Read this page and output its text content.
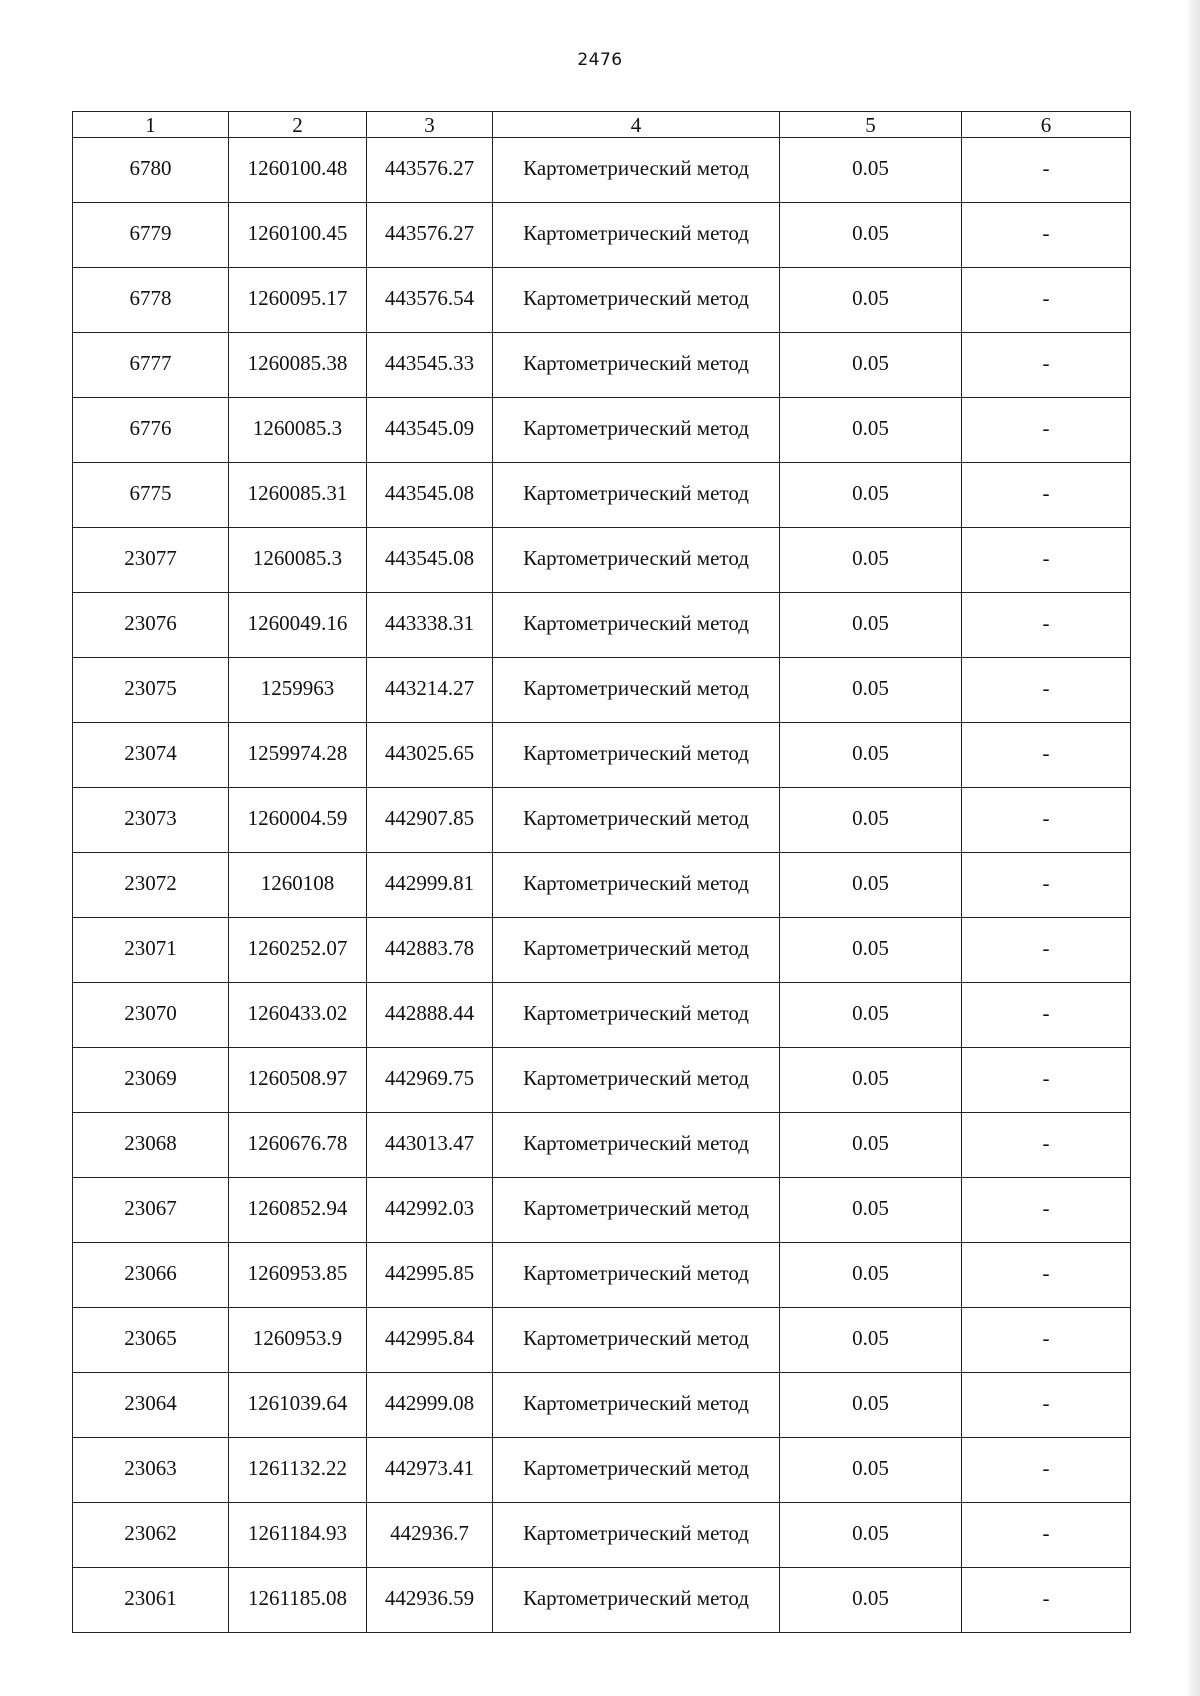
2476
1	2	3	4	5	6
6780	1260100.48	443576.27	Картометрический метод	0.05	-
6779	1260100.45	443576.27	Картометрический метод	0.05	-
6778	1260095.17	443576.54	Картометрический метод	0.05	-
6777	1260085.38	443545.33	Картометрический метод	0.05	-
6776	1260085.3	443545.09	Картометрический метод	0.05	-
6775	1260085.31	443545.08	Картометрический метод	0.05	-
23077	1260085.3	443545.08	Картометрический метод	0.05	-
23076	1260049.16	443338.31	Картометрический метод	0.05	-
23075	1259963	443214.27	Картометрический метод	0.05	-
23074	1259974.28	443025.65	Картометрический метод	0.05	-
23073	1260004.59	442907.85	Картометрический метод	0.05	-
23072	1260108	442999.81	Картометрический метод	0.05	-
23071	1260252.07	442883.78	Картометрический метод	0.05	-
23070	1260433.02	442888.44	Картометрический метод	0.05	-
23069	1260508.97	442969.75	Картометрический метод	0.05	-
23068	1260676.78	443013.47	Картометрический метод	0.05	-
23067	1260852.94	442992.03	Картометрический метод	0.05	-
23066	1260953.85	442995.85	Картометрический метод	0.05	-
23065	1260953.9	442995.84	Картометрический метод	0.05	-
23064	1261039.64	442999.08	Картометрический метод	0.05	-
23063	1261132.22	442973.41	Картометрический метод	0.05	-
23062	1261184.93	442936.7	Картометрический метод	0.05	-
23061	1261185.08	442936.59	Картометрический метод	0.05	-
